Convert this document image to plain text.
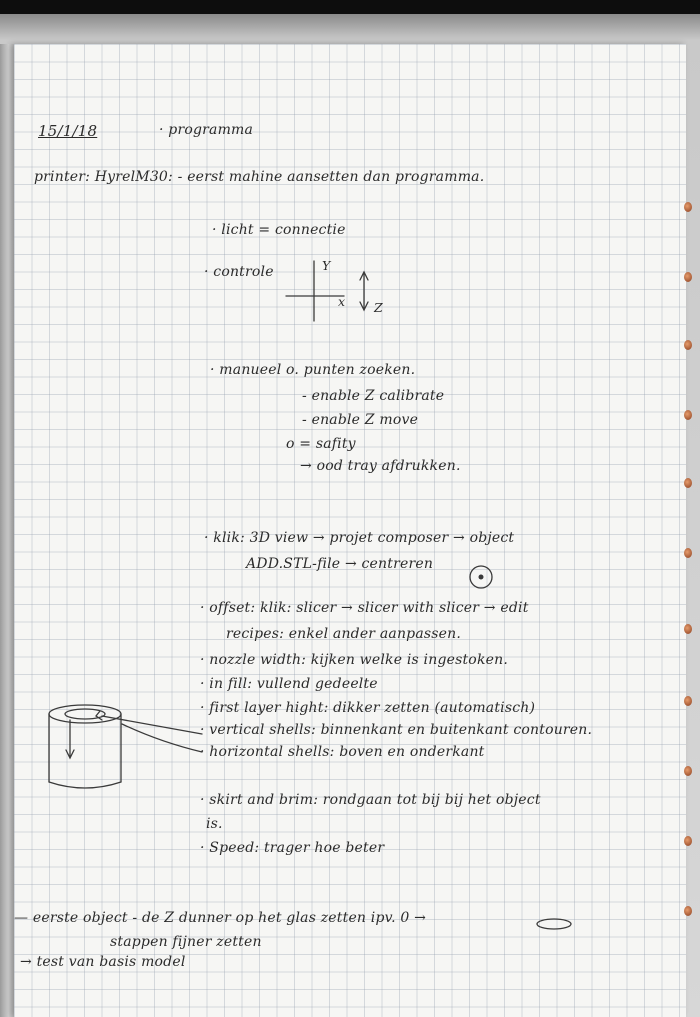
15/1/18	· programma
printer: HyrelM30: - eerst mahine aansetten dan programma.
· licht = connectie
· controle	Y
x Z
· manueel o. punten zoeken.
- enable Z calibrate
- enable Z move
o = safity
→ ood tray afdrukken.
· klik: 3D view → projet composer → object
ADD.STL-file → centreren
· offset: klik: slicer → slicer with slicer → edit
recipes: enkel ander aanpassen.
· nozzle width: kijken welke is ingestoken.
· in fill: vullend gedeelte
· first layer hight: dikker zetten (automatisch)
· vertical shells: binnenkant en buitenkant contouren.
· horizontal shells: boven en onderkant
· skirt and brim: rondgaan tot bij bij het object
is.
· Speed: trager hoe beter
— eerste object - de Z dunner op het glas zetten ipv. 0 →
stappen fijner zetten
→ test van basis model
